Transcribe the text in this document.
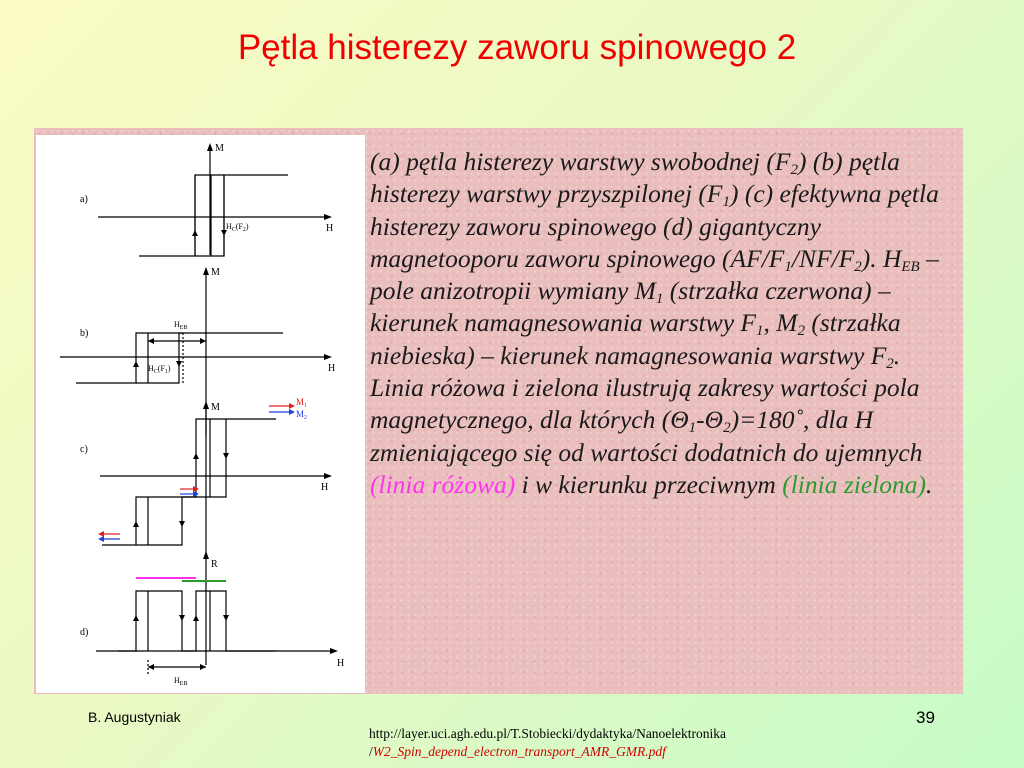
Pętla histerezy zaworu spinowego 2
a)
b)
c)
d)
M
H
$H_C(F_2)$
M
H
$H_{EB}$
$H_C(F_1)$
M
H
$M_1$
$M_2$
R
H
$H_{EB}$
(a) pętla histerezy warstwy swobodnej $(F_2)$ (b) pętla histerezy warstwy przyszpilonej $(F_1)$ (c) efektywna pętla histerezy zaworu spinowego (d) gigantyczny magnetooporu zaworu spinowego $(AF/F_1/NF/F_2)$. $H_{EB}$ – pole anizotropii wymiany $M_1$ (strzałka czerwona) – kierunek namagnesowania warstwy $F_1$, $M_2$ (strzałka niebieska) – kierunek namagnesowania warstwy $F_2$. Linia różowa i zielona ilustrują zakresy wartości pola magnetycznego, dla których $(\Theta_1-\Theta_2)=180˚$, dla H zmieniającego się od wartości dodatnich do ujemnych (linia różowa) i w kierunku przeciwnym (linia zielona).
B. Augustyniak	39
http://layer.uci.agh.edu.pl/T.Stobiecki/dydaktyka/Nanoelektronika
/W2_Spin_depend_electron_transport_AMR_GMR.pdf
